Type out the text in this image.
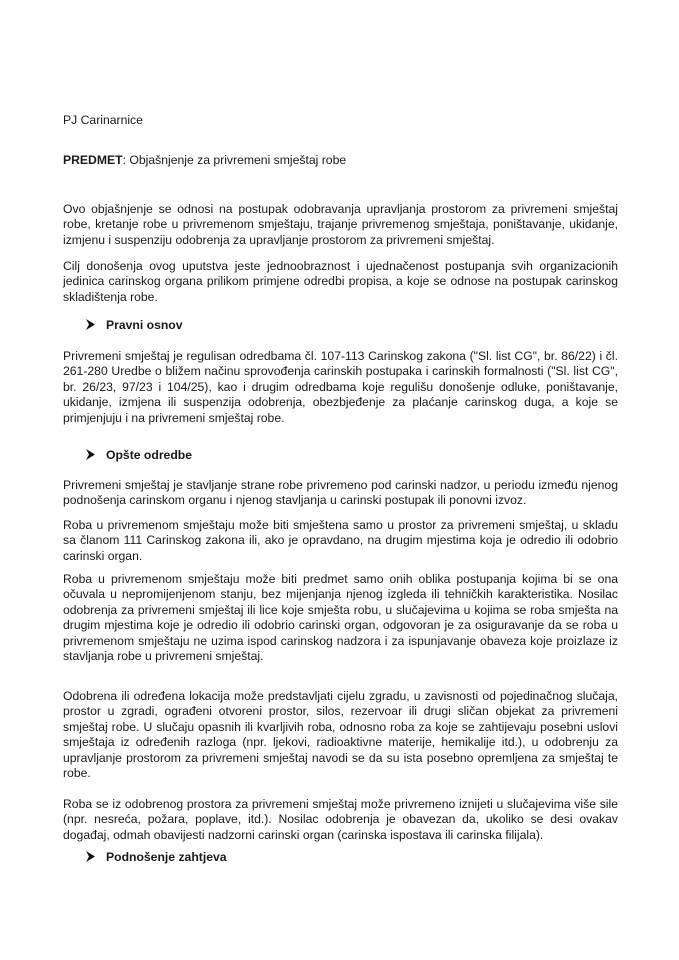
PJ Carinarnice
PREDMET: Objašnjenje za privremeni smještaj robe

Ovo objašnjenje se odnosi na postupak odobravanja upravljanja prostorom za privremeni smještaj robe, kretanje robe u privremenom smještaju, trajanje privremenog smještaja, poništavanje, ukidanje, izmjenu i suspenziju odobrenja za upravljanje prostorom za privremeni smještaj.

Cilj donošenja ovog uputstva jeste jednoobraznost i ujednačenost postupanja svih organizacionih jedinica carinskog organa prilikom primjene odredbi propisa, a koje se odnose na postupak carinskog skladištenja robe.

Pravni osnov

Privremeni smještaj je regulisan odredbama čl. 107-113 Carinskog zakona ("Sl. list CG", br. 86/22) i čl. 261-280 Uredbe o bližem načinu sprovođenja carinskih postupaka i carinskih formalnosti ("Sl. list CG", br. 26/23, 97/23 i 104/25), kao i drugim odredbama koje regulišu donošenje odluke, poništavanje, ukidanje, izmjena ili suspenzija odobrenja, obezbjeđenje za plaćanje carinskog duga, a koje se primjenjuju i na privremeni smještaj robe.

Opšte odredbe

Privremeni smještaj je stavljanje strane robe privremeno pod carinski nadzor, u periodu između njenog podnošenja carinskom organu i njenog stavljanja u carinski postupak ili ponovni izvoz.

Roba u privremenom smještaju može biti smještena samo u prostor za privremeni smještaj, u skladu sa članom 111 Carinskog zakona ili, ako je opravdano, na drugim mjestima koja je odredio ili odobrio carinski organ.

Roba u privremenom smještaju može biti predmet samo onih oblika postupanja kojima bi se ona očuvala u nepromijenjenom stanju, bez mijenjanja njenog izgleda ili tehničkih karakteristika. Nosilac odobrenja za privremeni smještaj ili lice koje smješta robu, u slučajevima u kojima se roba smješta na drugim mjestima koje je odredio ili odobrio carinski organ, odgovoran je za osiguravanje da se roba u privremenom smještaju ne uzima ispod carinskog nadzora i za ispunjavanje obaveza koje proizlaze iz stavljanja robe u privremeni smještaj.

Odobrena ili određena lokacija može predstavljati cijelu zgradu, u zavisnosti od pojedinačnog slučaja, prostor u zgradi, ograđeni otvoreni prostor, silos, rezervoar ili drugi sličan objekat za privremeni smještaj robe. U slučaju opasnih ili kvarljivih roba, odnosno roba za koje se zahtijevaju posebni uslovi smještaja iz određenih razloga (npr. ljekovi, radioaktivne materije, hemikalije itd.), u odobrenju za upravljanje prostorom za privremeni smještaj navodi se da su ista posebno opremljena za smještaj te robe.

Roba se iz odobrenog prostora za privremeni smještaj može privremeno iznijeti u slučajevima više sile (npr. nesreća, požara, poplave, itd.). Nosilac odobrenja je obavezan da, ukoliko se desi ovakav događaj, odmah obavijesti nadzorni carinski organ (carinska ispostava ili carinska filijala).

Podnošenje zahtjeva
